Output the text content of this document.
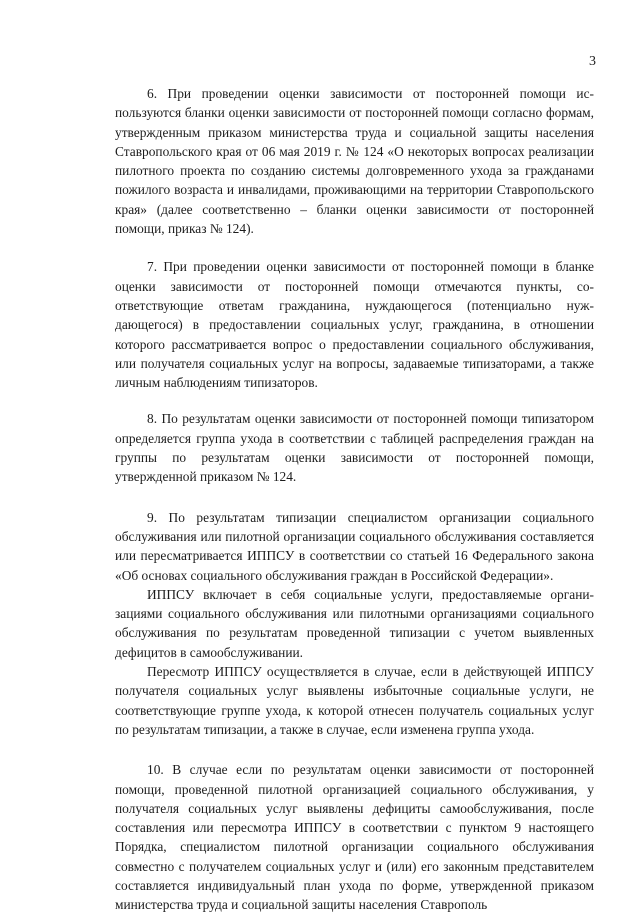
3

6. При проведении оценки зависимости от посторонней помощи используются бланки оценки зависимости от посторонней помощи согласно формам, утвержденным приказом министерства труда и социальной защиты населения Ставропольского края от 06 мая 2019 г. № 124 «О некоторых вопросах реализации пилотного проекта по созданию системы долговременного ухода за гражданами пожилого возраста и инвалидами, проживающими на территории Ставропольского края» (далее соответственно – бланки оценки зависимости от посторонней помощи, приказ № 124).

7. При проведении оценки зависимости от посторонней помощи в бланке оценки зависимости от посторонней помощи отмечаются пункты, соответствующие ответам гражданина, нуждающегося (потенциально нуждающегося) в предоставлении социальных услуг, гражданина, в отношении которого рассматривается вопрос о предоставлении социального обслуживания, или получателя социальных услуг на вопросы, задаваемые типизаторами, а также личным наблюдениям типизаторов.

8. По результатам оценки зависимости от посторонней помощи типизатором определяется группа ухода в соответствии с таблицей распределения граждан на группы по результатам оценки зависимости от посторонней помощи, утвержденной приказом № 124.

9. По результатам типизации специалистом организации социального обслуживания или пилотной организации социального обслуживания составляется или пересматривается ИППСУ в соответствии со статьей 16 Федерального закона «Об основах социального обслуживания граждан в Российской Федерации».

ИППСУ включает в себя социальные услуги, предоставляемые организациями социального обслуживания или пилотными организациями социального обслуживания по результатам проведенной типизации с учетом выявленных дефицитов в самообслуживании.

Пересмотр ИППСУ осуществляется в случае, если в действующей ИППСУ получателя социальных услуг выявлены избыточные социальные услуги, не соответствующие группе ухода, к которой отнесен получатель социальных услуг по результатам типизации, а также в случае, если изменена группа ухода.

10. В случае если по результатам оценки зависимости от посторонней помощи, проведенной пилотной организацией социального обслуживания, у получателя социальных услуг выявлены дефициты самообслуживания, после составления или пересмотра ИППСУ в соответствии с пунктом 9 настоящего Порядка, специалистом пилотной организации социального обслуживания совместно с получателем социальных услуг и (или) его законным представителем составляется индивидуальный план ухода по форме, утвержденной приказом министерства труда и социальной защиты населения Ставрополь
